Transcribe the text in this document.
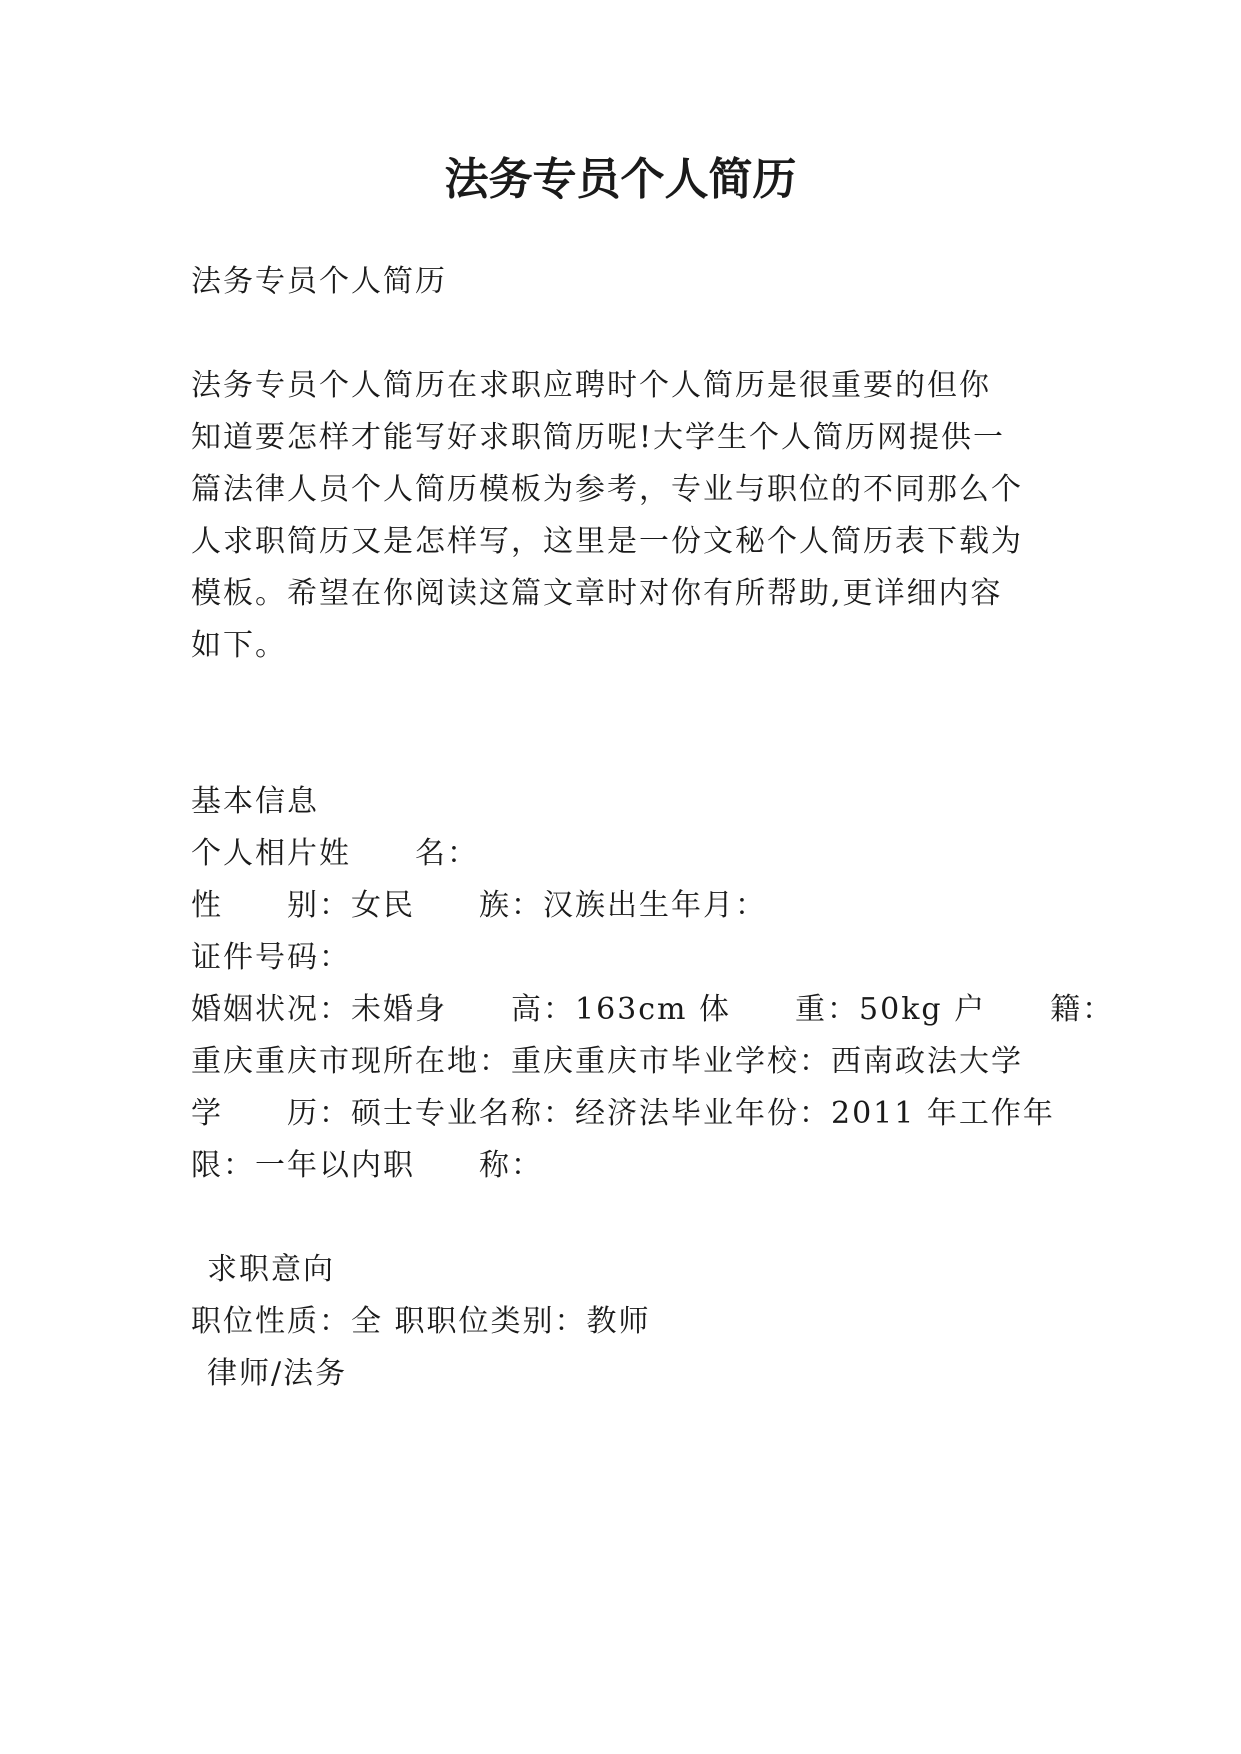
法务专员个人简历
法务专员个人简历
法务专员个人简历在求职应聘时个人简历是很重要的但你
知道要怎样才能写好求职简历呢!大学生个人简历网提供一
篇法律人员个人简历模板为参考，专业与职位的不同那么个
人求职简历又是怎样写，这里是一份文秘个人简历表下载为
模板。希望在你阅读这篇文章时对你有所帮助,更详细内容
如下。
基本信息
个人相片姓　　名：
性　　别：女民　　族：汉族出生年月：
证件号码：
婚姻状况：未婚身　　高：163cm 体　　重：50kg 户　　籍：
重庆重庆市现所在地：重庆重庆市毕业学校：西南政法大学
学　　历：硕士专业名称：经济法毕业年份：2011 年工作年
限：一年以内职　　称：
求职意向
职位性质：全 职职位类别：教师
律师/法务
